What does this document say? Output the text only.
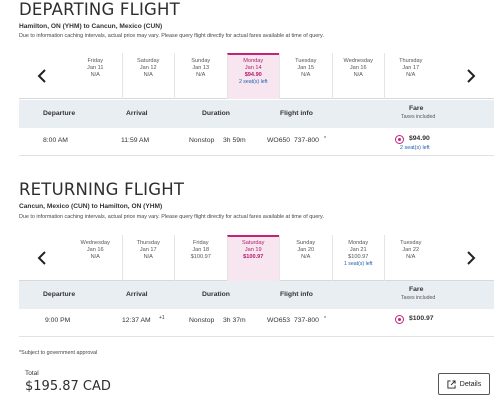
DEPARTING FLIGHT
Hamilton, ON (YHM) to Cancun, Mexico (CUN)
Due to information caching intervals, actual price may vary. Please query flight directly for actual fares available at time of query.
Friday
Jan 11
N/A
Saturday
Jan 12
N/A
Sunday
Jan 13
N/A
Monday
Jan 14
$94.90
2 seat(s) left
Tuesday
Jan 15
N/A
Wednesday
Jan 16
N/A
Thursday
Jan 17
N/A
Departure	Arrival	Duration	Flight info
Fare
Taxes included
8:00 AM	11:59 AM	Nonstop 3h 59m	WO650 737-800 *	$94.90
2 seat(s) left
RETURNING FLIGHT
Cancun, Mexico (CUN) to Hamilton, ON (YHM)
Due to information caching intervals, actual price may vary. Please query flight directly for actual fares available at time of query.
Wednesday
Jan 16
N/A
Thursday
Jan 17
N/A
Friday
Jan 18
$100.97
Saturday
Jan 19
$100.97
Sunday
Jan 20
N/A
Monday
Jan 21
$100.97
1 seat(s) left
Tuesday
Jan 22
N/A
Departure	Arrival	Duration	Flight info
Fare
Taxes included
9:00 PM	12:37 AM +1	Nonstop 3h 37m	WO653 737-800 *	$100.97
*Subject to government approval
Total
$195.87 CAD	Details
